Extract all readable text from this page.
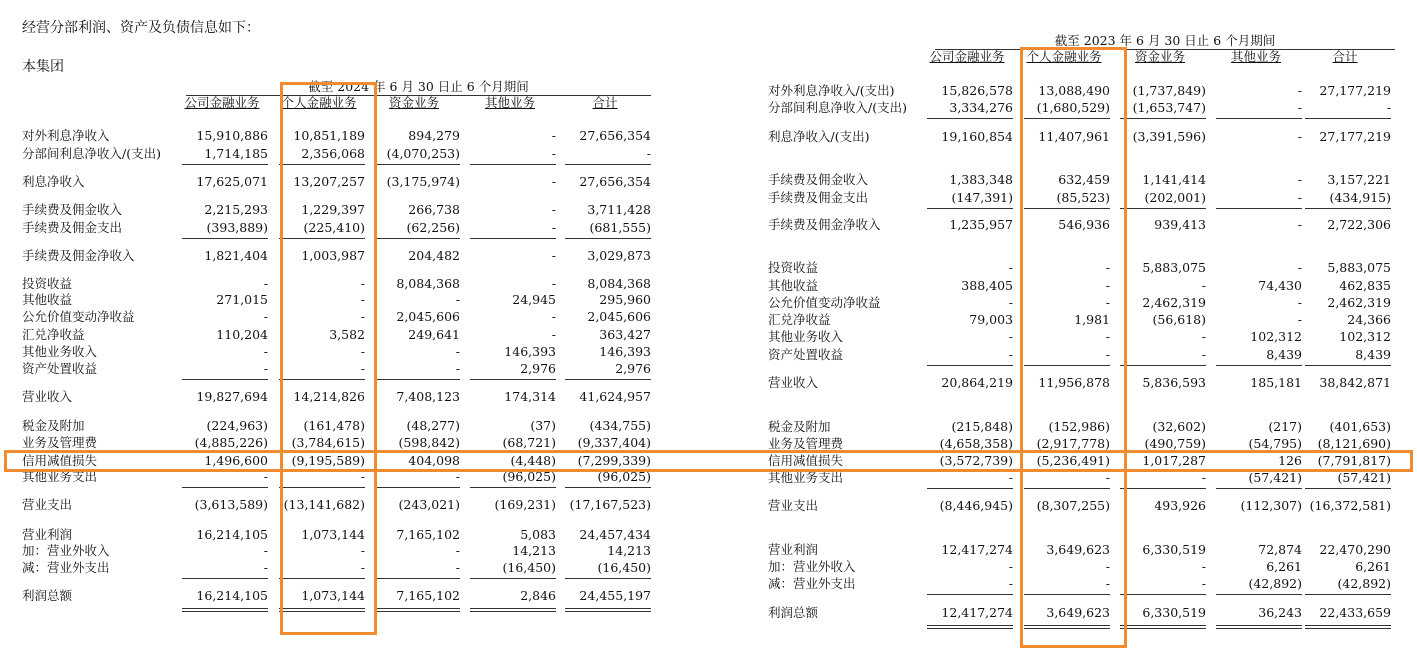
经营分部利润、资产及负债信息如下：
本集团
截至 2024 年 6 月 30 日止 6 个月期间
公司金融业务	个人金融业务	资金业务	其他业务	合计
对外利息净收入	15,910,886	10,851,189	894,279	-	27,656,354
分部间利息净收入/(支出)	1,714,185	2,356,068	(4,070,253)	-	-
利息净收入	17,625,071	13,207,257	(3,175,974)	-	27,656,354
手续费及佣金收入	2,215,293	1,229,397	266,738	-	3,711,428
手续费及佣金支出	(393,889)	(225,410)	(62,256)	-	(681,555)
手续费及佣金净收入	1,821,404	1,003,987	204,482	-	3,029,873
投资收益	-	-	8,084,368	-	8,084,368
其他收益	271,015	-	-	24,945	295,960
公允价值变动净收益	-	-	2,045,606	-	2,045,606
汇兑净收益	110,204	3,582	249,641	-	363,427
其他业务收入	-	-	-	146,393	146,393
资产处置收益	-	-	-	2,976	2,976
营业收入	19,827,694	14,214,826	7,408,123	174,314	41,624,957
税金及附加	(224,963)	(161,478)	(48,277)	(37)	(434,755)
业务及管理费	(4,885,226)	(3,784,615)	(598,842)	(68,721)	(9,337,404)
信用减值损失	1,496,600	(9,195,589)	404,098	(4,448)	(7,299,339)
其他业务支出	-	-	-	(96,025)	(96,025)
营业支出	(3,613,589)	(13,141,682)	(243,021)	(169,231)	(17,167,523)
营业利润	16,214,105	1,073,144	7,165,102	5,083	24,457,434
加：营业外收入	-	-	-	14,213	14,213
减：营业外支出	-	-	-	(16,450)	(16,450)
利润总额	16,214,105	1,073,144	7,165,102	2,846	24,455,197
截至 2023 年 6 月 30 日止 6 个月期间
公司金融业务	个人金融业务	资金业务	其他业务	合计
对外利息净收入/(支出)	15,826,578	13,088,490	(1,737,849)	-	27,177,219
分部间利息净收入/(支出)	3,334,276	(1,680,529)	(1,653,747)	-	-
利息净收入/(支出)	19,160,854	11,407,961	(3,391,596)	-	27,177,219
手续费及佣金收入	1,383,348	632,459	1,141,414	-	3,157,221
手续费及佣金支出	(147,391)	(85,523)	(202,001)	-	(434,915)
手续费及佣金净收入	1,235,957	546,936	939,413	-	2,722,306
投资收益	-	-	5,883,075	-	5,883,075
其他收益	388,405	-	-	74,430	462,835
公允价值变动净收益	-	-	2,462,319	-	2,462,319
汇兑净收益	79,003	1,981	(56,618)	-	24,366
其他业务收入	-	-	-	102,312	102,312
资产处置收益	-	-	-	8,439	8,439
营业收入	20,864,219	11,956,878	5,836,593	185,181	38,842,871
税金及附加	(215,848)	(152,986)	(32,602)	(217)	(401,653)
业务及管理费	(4,658,358)	(2,917,778)	(490,759)	(54,795)	(8,121,690)
信用减值损失	(3,572,739)	(5,236,491)	1,017,287	126	(7,791,817)
其他业务支出	-	-	-	(57,421)	(57,421)
营业支出	(8,446,945)	(8,307,255)	493,926	(112,307) (16,372,581)
营业利润	12,417,274	3,649,623	6,330,519	72,874	22,470,290
加：营业外收入	-	-	-	6,261	6,261
减：营业外支出	-	-	-	(42,892)	(42,892)
利润总额	12,417,274	3,649,623	6,330,519	36,243	22,433,659
